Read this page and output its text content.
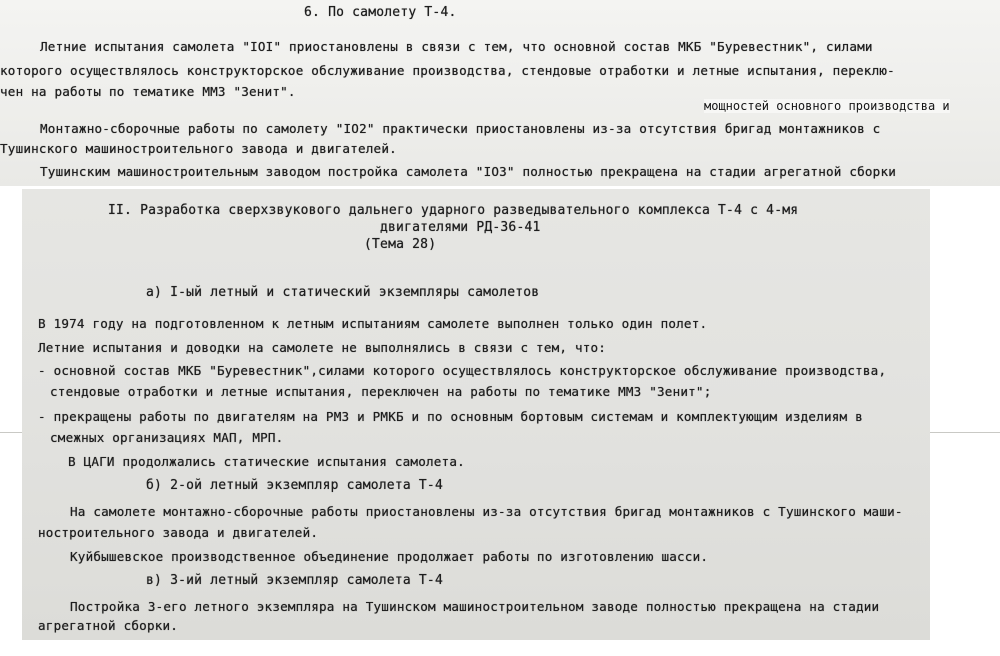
6. По самолету Т-4.
Летние испытания самолета "IOI" приостановлены в связи с тем, что основной состав МКБ "Буревестник", силами
которого осуществлялось конструкторское обслуживание производства, стендовые отработки и летные испытания, переклю-
чен на работы по тематике ММЗ "Зенит".
мощностей основного производства и
Монтажно-сборочные работы по самолету "IO2" практически приостановлены из-за отсутствия бригад монтажников с
Тушинского машиностроительного завода и двигателей.
Тушинским машиностроительным заводом постройка самолета "IO3" полностью прекращена на стадии агрегатной сборки
II. Разработка сверхзвукового дальнего ударного разведывательного комплекса Т-4 с 4-мя
двигателями РД-36-41
(Тема 28)
а) I-ый летный и статический экземпляры самолетов
В 1974 году на подготовленном к летным испытаниям самолете выполнен только один полет.
Летние испытания и доводки на самолете не выполнялись в связи с тем, что:
- основной состав МКБ "Буревестник",силами которого осуществлялось конструкторское обслуживание производства,
стендовые отработки и летные испытания, переключен на работы по тематике ММЗ "Зенит";
- прекращены работы по двигателям на РМЗ и РМКБ и по основным бортовым системам и комплектующим изделиям в
смежных организациях МАП, МРП.
В ЦАГИ продолжались статические испытания самолета.
б) 2-ой летный экземпляр самолета Т-4
На самолете монтажно-сборочные работы приостановлены из-за отсутствия бригад монтажников с Тушинского маши-
ностроительного завода и двигателей.
Куйбышевское производственное объединение продолжает работы по изготовлению шасси.
в) 3-ий летный экземпляр самолета Т-4
Постройка 3-его летного экземпляра на Тушинском машиностроительном заводе полностью прекращена на стадии
агрегатной сборки.
